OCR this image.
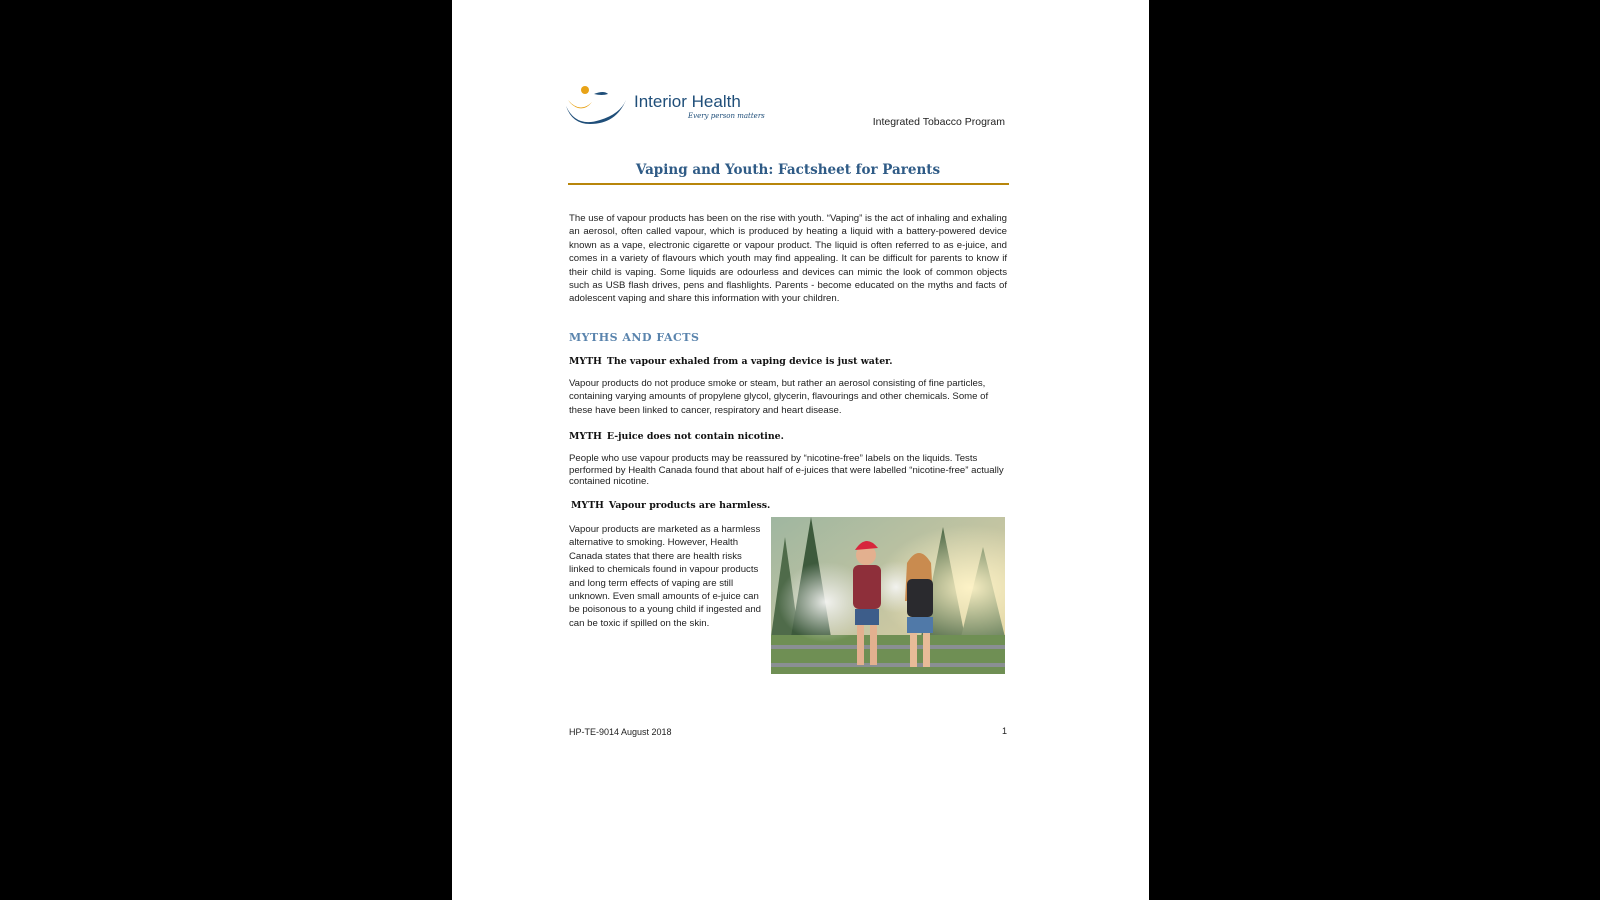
Interior Health
Every person matters	Integrated Tobacco Program
Vaping and Youth: Factsheet for Parents
The use of vapour products has been on the rise with youth. “Vaping” is the act of inhaling and exhaling an aerosol, often called vapour, which is produced by heating a liquid with a battery-powered device known as a vape, electronic cigarette or vapour product. The liquid is often referred to as e-juice, and comes in a variety of flavours which youth may find appealing. It can be difficult for parents to know if their child is vaping. Some liquids are odourless and devices can mimic the look of common objects such as USB flash drives, pens and flashlights. Parents - become educated on the myths and facts of adolescent vaping and share this information with your children.
MYTHS AND FACTS
MYTH The vapour exhaled from a vaping device is just water.
Vapour products do not produce smoke or steam, but rather an aerosol consisting of fine particles, containing varying amounts of propylene glycol, glycerin, flavourings and other chemicals. Some of these have been linked to cancer, respiratory and heart disease.
MYTH E-juice does not contain nicotine.
People who use vapour products may be reassured by “nicotine-free” labels on the liquids. Tests performed by Health Canada found that about half of e-juices that were labelled “nicotine-free” actually contained nicotine.
MYTH Vapour products are harmless.
Vapour products are marketed as a harmless alternative to smoking. However, Health Canada states that there are health risks linked to chemicals found in vapour products and long term effects of vaping are still unknown. Even small amounts of e-juice can be poisonous to a young child if ingested and can be toxic if spilled on the skin.
HP-TE-9014 August 2018	1
